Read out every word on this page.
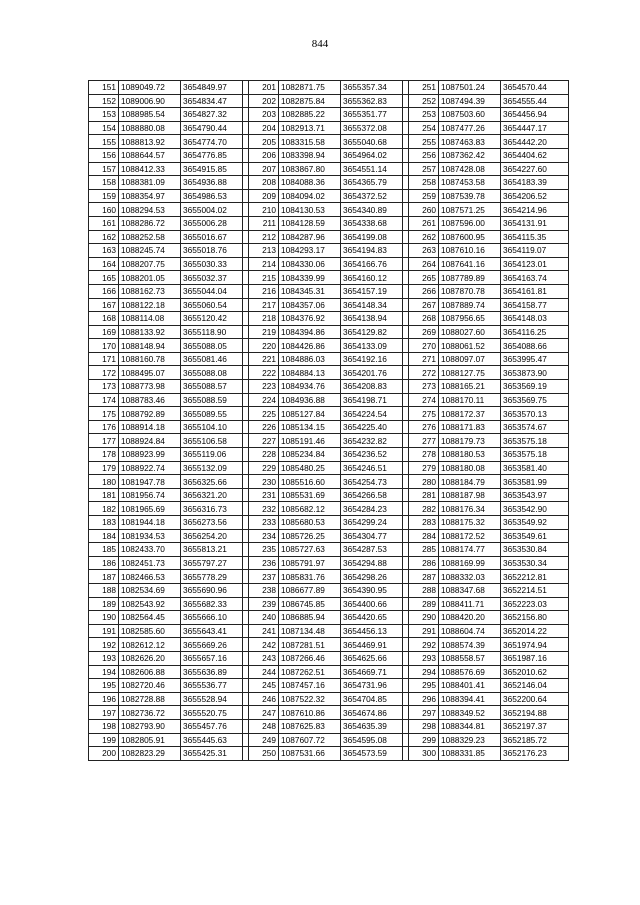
844
151	1089049.72	3654849.97		201	1082871.75	3655357.34		251	1087501.24	3654570.44
152	1089006.90	3654834.47		202	1082875.84	3655362.83		252	1087494.39	3654555.44
153	1088985.54	3654827.32		203	1082885.22	3655351.77		253	1087503.60	3654456.94
154	1088880.08	3654790.44		204	1082913.71	3655372.08		254	1087477.26	3654447.17
155	1088813.92	3654774.70		205	1083315.58	3655040.68		255	1087463.83	3654442.20
156	1088644.57	3654776.85		206	1083398.94	3654964.02		256	1087362.42	3654404.62
157	1088412.33	3654915.85		207	1083867.80	3654551.14		257	1087428.08	3654227.60
158	1088381.09	3654936.88		208	1084088.36	3654365.79		258	1087453.58	3654183.39
159	1088354.97	3654986.53		209	1084094.02	3654372.52		259	1087539.78	3654206.52
160	1088294.53	3655004.02		210	1084130.53	3654340.89		260	1087571.25	3654214.96
161	1088286.72	3655006.28		211	1084128.59	3654338.68		261	1087596.00	3654131.91
162	1088252.58	3655016.67		212	1084287.96	3654199.08		262	1087600.95	3654115.35
163	1088245.74	3655018.76		213	1084293.17	3654194.83		263	1087610.16	3654119.07
164	1088207.75	3655030.33		214	1084330.06	3654166.76		264	1087641.16	3654123.01
165	1088201.05	3655032.37		215	1084339.99	3654160.12		265	1087789.89	3654163.74
166	1088162.73	3655044.04		216	1084345.31	3654157.19		266	1087870.78	3654161.81
167	1088122.18	3655060.54		217	1084357.06	3654148.34		267	1087889.74	3654158.77
168	1088114.08	3655120.42		218	1084376.92	3654138.94		268	1087956.65	3654148.03
169	1088133.92	3655118.90		219	1084394.86	3654129.82		269	1088027.60	3654116.25
170	1088148.94	3655088.05		220	1084426.86	3654133.09		270	1088061.52	3654088.66
171	1088160.78	3655081.46		221	1084886.03	3654192.16		271	1088097.07	3653995.47
172	1088495.07	3655088.08		222	1084884.13	3654201.76		272	1088127.75	3653873.90
173	1088773.98	3655088.57		223	1084934.76	3654208.83		273	1088165.21	3653569.19
174	1088783.46	3655088.59		224	1084936.88	3654198.71		274	1088170.11	3653569.75
175	1088792.89	3655089.55		225	1085127.84	3654224.54		275	1088172.37	3653570.13
176	1088914.18	3655104.10		226	1085134.15	3654225.40		276	1088171.83	3653574.67
177	1088924.84	3655106.58		227	1085191.46	3654232.82		277	1088179.73	3653575.18
178	1088923.99	3655119.06		228	1085234.84	3654236.52		278	1088180.53	3653575.18
179	1088922.74	3655132.09		229	1085480.25	3654246.51		279	1088180.08	3653581.40
180	1081947.78	3656325.66		230	1085516.60	3654254.73		280	1088184.79	3653581.99
181	1081956.74	3656321.20		231	1085531.69	3654266.58		281	1088187.98	3653543.97
182	1081965.69	3656316.73		232	1085682.12	3654284.23		282	1088176.34	3653542.90
183	1081944.18	3656273.56		233	1085680.53	3654299.24		283	1088175.32	3653549.92
184	1081934.53	3656254.20		234	1085726.25	3654304.77		284	1088172.52	3653549.61
185	1082433.70	3655813.21		235	1085727.63	3654287.53		285	1088174.77	3653530.84
186	1082451.73	3655797.27		236	1085791.97	3654294.88		286	1088169.99	3653530.34
187	1082466.53	3655778.29		237	1085831.76	3654298.26		287	1088332.03	3652212.81
188	1082534.69	3655690.96		238	1086677.89	3654390.95		288	1088347.68	3652214.51
189	1082543.92	3655682.33		239	1086745.85	3654400.66		289	1088411.71	3652223.03
190	1082564.45	3655666.10		240	1086885.94	3654420.65		290	1088420.20	3652156.80
191	1082585.60	3655643.41		241	1087134.48	3654456.13		291	1088604.74	3652014.22
192	1082612.12	3655669.26		242	1087281.51	3654469.91		292	1088574.39	3651974.94
193	1082626.20	3655657.16		243	1087266.46	3654625.66		293	1088558.57	3651987.16
194	1082606.88	3655636.89		244	1087262.51	3654669.71		294	1088576.69	3652010.62
195	1082720.46	3655536.77		245	1087457.16	3654731.96		295	1088401.41	3652146.04
196	1082728.88	3655528.94		246	1087522.32	3654704.85		296	1088394.41	3652200.64
197	1082736.72	3655520.75		247	1087610.86	3654674.86		297	1088349.52	3652194.88
198	1082793.90	3655457.76		248	1087625.83	3654635.39		298	1088344.81	3652197.37
199	1082805.91	3655445.63		249	1087607.72	3654595.08		299	1088329.23	3652185.72
200	1082823.29	3655425.31		250	1087531.66	3654573.59		300	1088331.85	3652176.23
